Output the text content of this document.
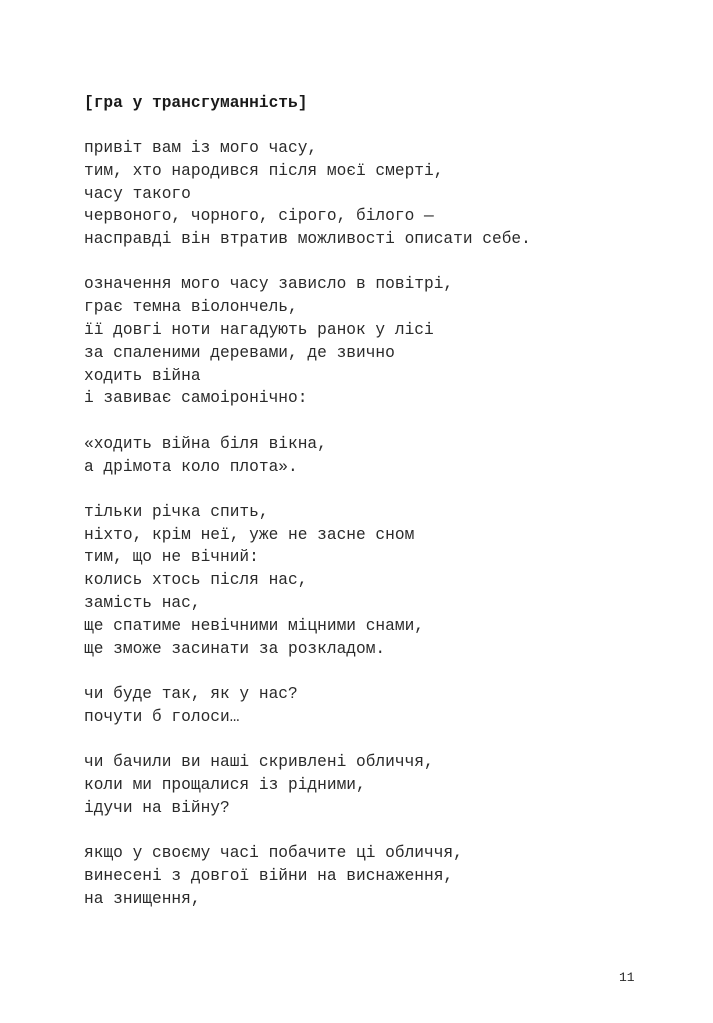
[гра у трансгуманність]
привіт вам із мого часу,
тим, хто народився після моєї смерті,
часу такого
червоного, чорного, сірого, білого —
насправді він втратив можливості описати себе.
означення мого часу зависло в повітрі,
грає темна віолончель,
її довгі ноти нагадують ранок у лісі
за спаленими деревами, де звично
ходить війна
і завиває самоіронічно:
«ходить війна біля вікна,
а дрімота коло плота».
тільки річка спить,
ніхто, крім неї, уже не засне сном
тим, що не вічний:
колись хтось після нас,
замість нас,
ще спатиме невічними міцними снами,
ще зможе засинати за розкладом.
чи буде так, як у нас?
почути б голоси…
чи бачили ви наші скривлені обличчя,
коли ми прощалися із рідними,
ідучи на війну?
якщо у своєму часі побачите ці обличчя,
винесені з довгої війни на виснаження,
на знищення,

11
